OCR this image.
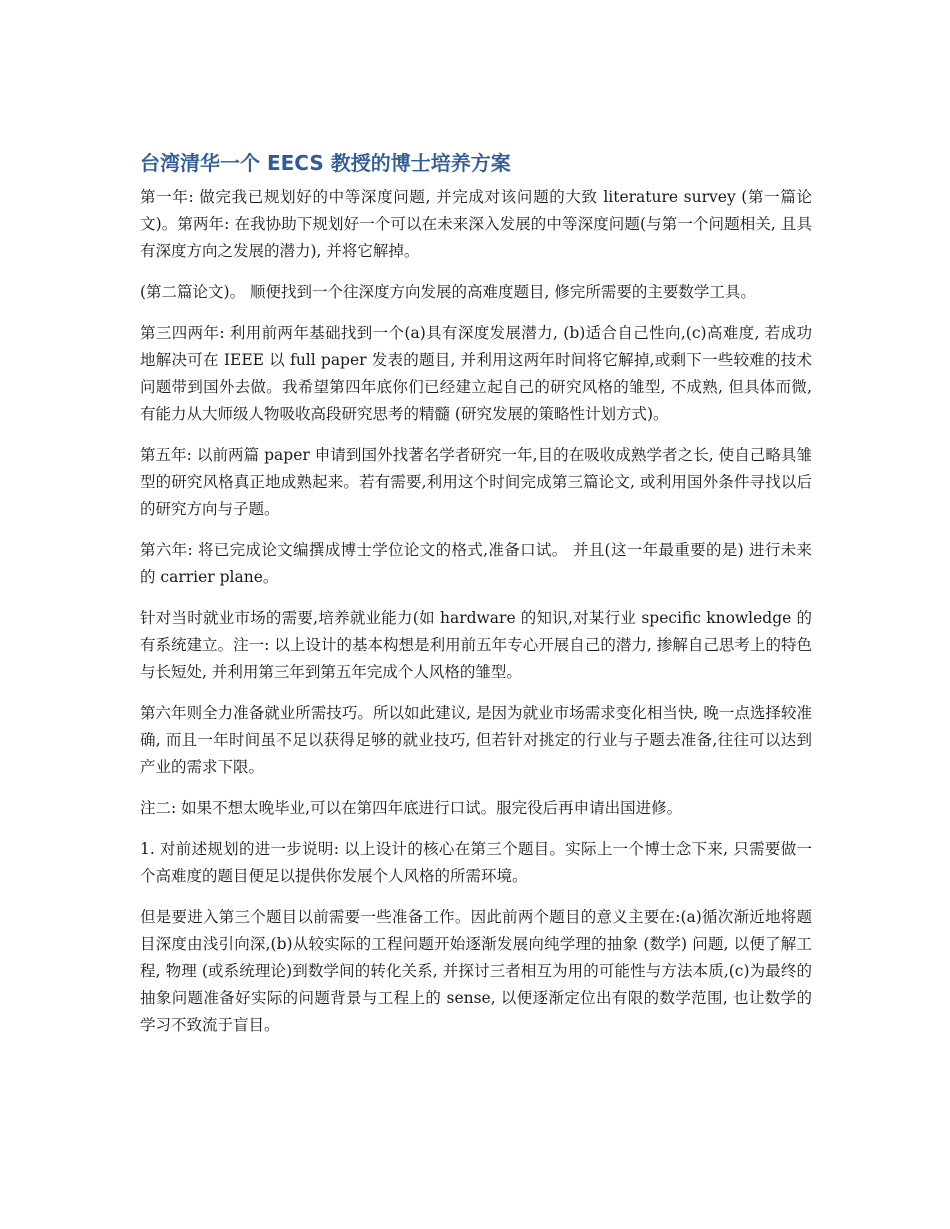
台湾清华一个 EECS 教授的博士培养方案

第一年: 做完我已规划好的中等深度问题, 并完成对该问题的大致 literature survey (第一篇论文)。第两年: 在我协助下规划好一个可以在未来深入发展的中等深度问题(与第一个问题相关, 且具有深度方向之发展的潜力), 并将它解掉。

(第二篇论文)。 顺便找到一个往深度方向发展的高难度题目, 修完所需要的主要数学工具。

第三四两年: 利用前两年基础找到一个(a)具有深度发展潜力, (b)适合自己性向,(c)高难度, 若成功地解决可在 IEEE 以 full paper 发表的题目, 并利用这两年时间将它解掉,或剩下一些较难的技术问题带到国外去做。我希望第四年底你们已经建立起自己的研究风格的雏型, 不成熟, 但具体而微, 有能力从大师级人物吸收高段研究思考的精髓 (研究发展的策略性计划方式)。

第五年: 以前两篇 paper 申请到国外找著名学者研究一年,目的在吸收成熟学者之长, 使自己略具雏型的研究风格真正地成熟起来。若有需要,利用这个时间完成第三篇论文, 或利用国外条件寻找以后的研究方向与子题。

第六年: 将已完成论文编撰成博士学位论文的格式,准备口试。 并且(这一年最重要的是) 进行未来的 carrier plane。

针对当时就业市场的需要,培养就业能力(如 hardware 的知识,对某行业 specific knowledge 的有系统建立。注一: 以上设计的基本构想是利用前五年专心开展自己的潜力, 掺解自己思考上的特色与长短处, 并利用第三年到第五年完成个人风格的雏型。

第六年则全力准备就业所需技巧。所以如此建议, 是因为就业市场需求变化相当快, 晚一点选择较准确, 而且一年时间虽不足以获得足够的就业技巧, 但若针对挑定的行业与子题去准备,往往可以达到产业的需求下限。

注二: 如果不想太晚毕业,可以在第四年底进行口试。服完役后再申请出国进修。

1. 对前述规划的进一步说明: 以上设计的核心在第三个题目。实际上一个博士念下来, 只需要做一个高难度的题目便足以提供你发展个人风格的所需环境。

但是要进入第三个题目以前需要一些准备工作。因此前两个题目的意义主要在:(a)循次渐近地将题目深度由浅引向深,(b)从较实际的工程问题开始逐渐发展向纯学理的抽象 (数学) 问题, 以便了解工程, 物理 (或系统理论)到数学间的转化关系, 并探讨三者相互为用的可能性与方法本质,(c)为最终的抽象问题准备好实际的问题背景与工程上的 sense, 以便逐渐定位出有限的数学范围, 也让数学的学习不致流于盲目。
